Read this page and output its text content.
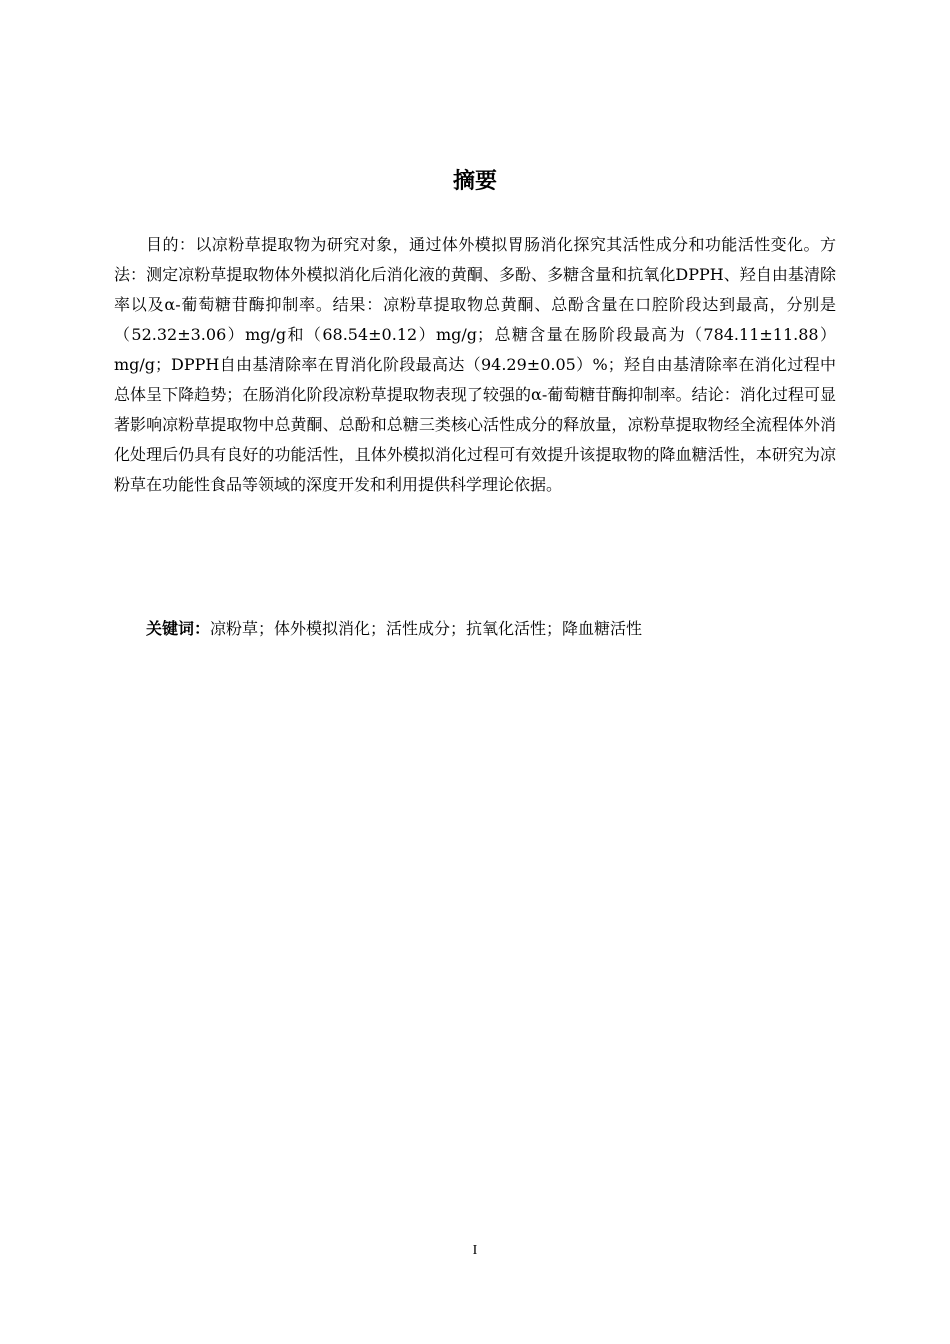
摘要

目的：以凉粉草提取物为研究对象，通过体外模拟胃肠消化探究其活性成分和功能活性变化。方法：测定凉粉草提取物体外模拟消化后消化液的黄酮、多酚、多糖含量和抗氧化DPPH、羟自由基清除率以及α-葡萄糖苷酶抑制率。结果：凉粉草提取物总黄酮、总酚含量在口腔阶段达到最高，分别是（52.32±3.06）mg/g和（68.54±0.12）mg/g；总糖含量在肠阶段最高为（784.11±11.88）mg/g；DPPH自由基清除率在胃消化阶段最高达（94.29±0.05）%；羟自由基清除率在消化过程中总体呈下降趋势；在肠消化阶段凉粉草提取物表现了较强的α-葡萄糖苷酶抑制率。结论：消化过程可显著影响凉粉草提取物中总黄酮、总酚和总糖三类核心活性成分的释放量，凉粉草提取物经全流程体外消化处理后仍具有良好的功能活性，且体外模拟消化过程可有效提升该提取物的降血糖活性，本研究为凉粉草在功能性食品等领域的深度开发和利用提供科学理论依据。

关键词：凉粉草；体外模拟消化；活性成分；抗氧化活性；降血糖活性

I
